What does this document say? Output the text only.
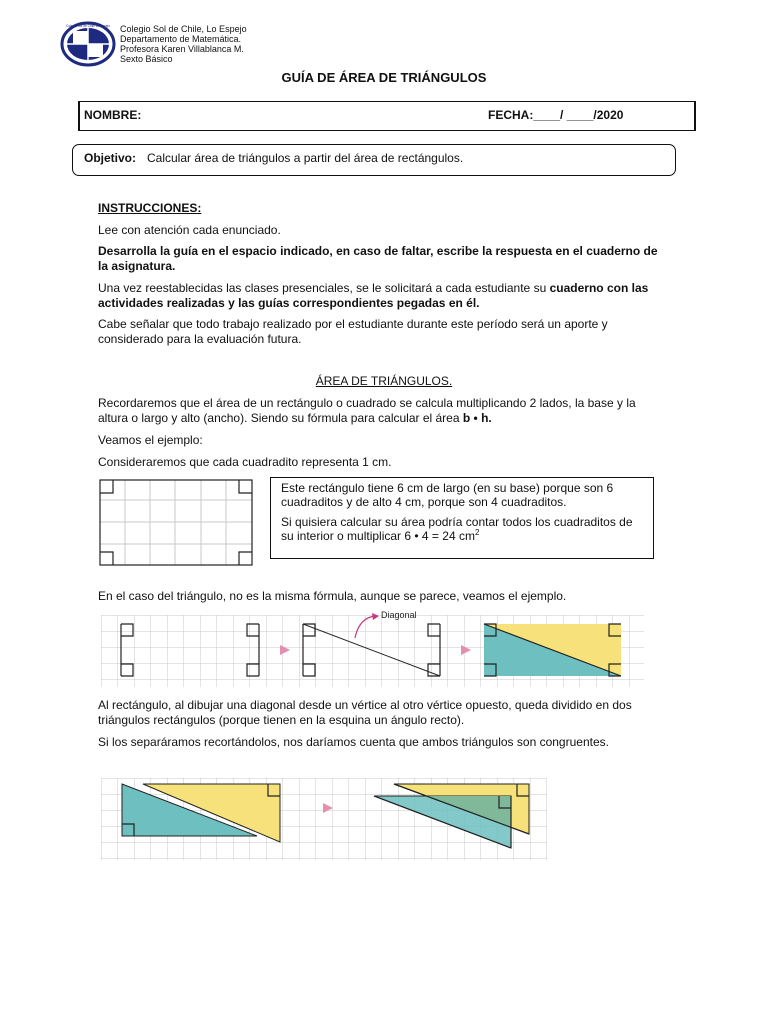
Colegio Sol de Chile Lo Espejo Colegio Sol de Chile, Lo Espejo
Departamento de Matemática.
Profesora Karen Villablanca M.
Sexto Básico
GUÍA DE ÁREA DE TRIÁNGULOS
NOMBRE:	FECHA:____/ ____/2020
Objetivo: Calcular área de triángulos a partir del área de rectángulos.
INSTRUCCIONES:
Lee con atención cada enunciado.
Desarrolla la guía en el espacio indicado, en caso de faltar, escribe la respuesta en el cuaderno de la asignatura.
Una vez reestablecidas las clases presenciales, se le solicitará a cada estudiante su cuaderno con las actividades realizadas y las guías correspondientes pegadas en él.
Cabe señalar que todo trabajo realizado por el estudiante durante este período será un aporte y considerado para la evaluación futura.
ÁREA DE TRIÁNGULOS.
Recordaremos que el área de un rectángulo o cuadrado se calcula multiplicando 2 lados, la base y la altura o largo y alto (ancho). Siendo su fórmula para calcular el área b • h.
Veamos el ejemplo:
Consideraremos que cada cuadradito representa 1 cm.
Este rectángulo tiene 6 cm de largo (en su base) porque son 6 cuadraditos y de alto 4 cm, porque son 4 cuadraditos.
Si quisiera calcular su área podría contar todos los cuadraditos de su interior o multiplicar 6 • 4 = 24 $cm^2$
En el caso del triángulo, no es la misma fórmula, aunque se parece, veamos el ejemplo.
Diagonal
Al rectángulo, al dibujar una diagonal desde un vértice al otro vértice opuesto, queda dividido en dos triángulos rectángulos (porque tienen en la esquina un ángulo recto).
Si los separáramos recortándolos, nos daríamos cuenta que ambos triángulos son congruentes.
